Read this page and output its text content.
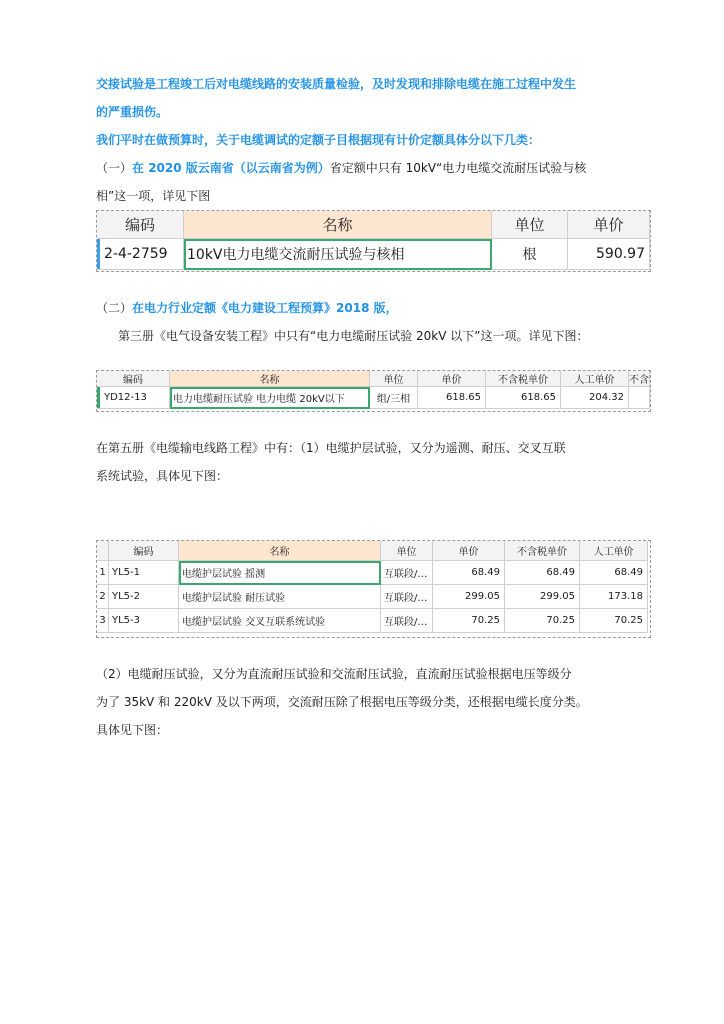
交接试验是工程竣工后对电缆线路的安装质量检验，及时发现和排除电缆在施工过程中发生

的严重损伤。

我们平时在做预算时，关于电缆调试的定额子目根据现有计价定额具体分以下几类：

（一）在 2020 版云南省（以云南省为例）省定额中只有 10kV“电力电缆交流耐压试验与核

相”这一项，详见下图

编码	名称	单位	单价
2-4-2759	10kV电力电缆交流耐压试验与核相	根	590.97

（二）在电力行业定额《电力建设工程预算》2018 版，

第三册《电气设备安装工程》中只有“电力电缆耐压试验 20kV 以下”这一项。详见下图：

编码	名称	单位	单价	不含税单价	人工单价	不含
YD12-13	电力电缆耐压试验 电力电缆 20kV以下	组/三相	618.65	618.65	204.32

在第五册《电缆输电线路工程》中有：（1）电缆护层试验，又分为遥测、耐压、交叉互联

系统试验，具体见下图：

编码	名称	单位	单价	不含税单价	人工单价
1 YL5-1	电缆护层试验 摇测	互联段/…	68.49	68.49	68.49
2 YL5-2	电缆护层试验 耐压试验	互联段/…	299.05	299.05	173.18
3 YL5-3	电缆护层试验 交叉互联系统试验	互联段/…	70.25	70.25	70.25

（2）电缆耐压试验，又分为直流耐压试验和交流耐压试验，直流耐压试验根据电压等级分

为了 35kV 和 220kV 及以下两项，交流耐压除了根据电压等级分类，还根据电缆长度分类。

具体见下图：
